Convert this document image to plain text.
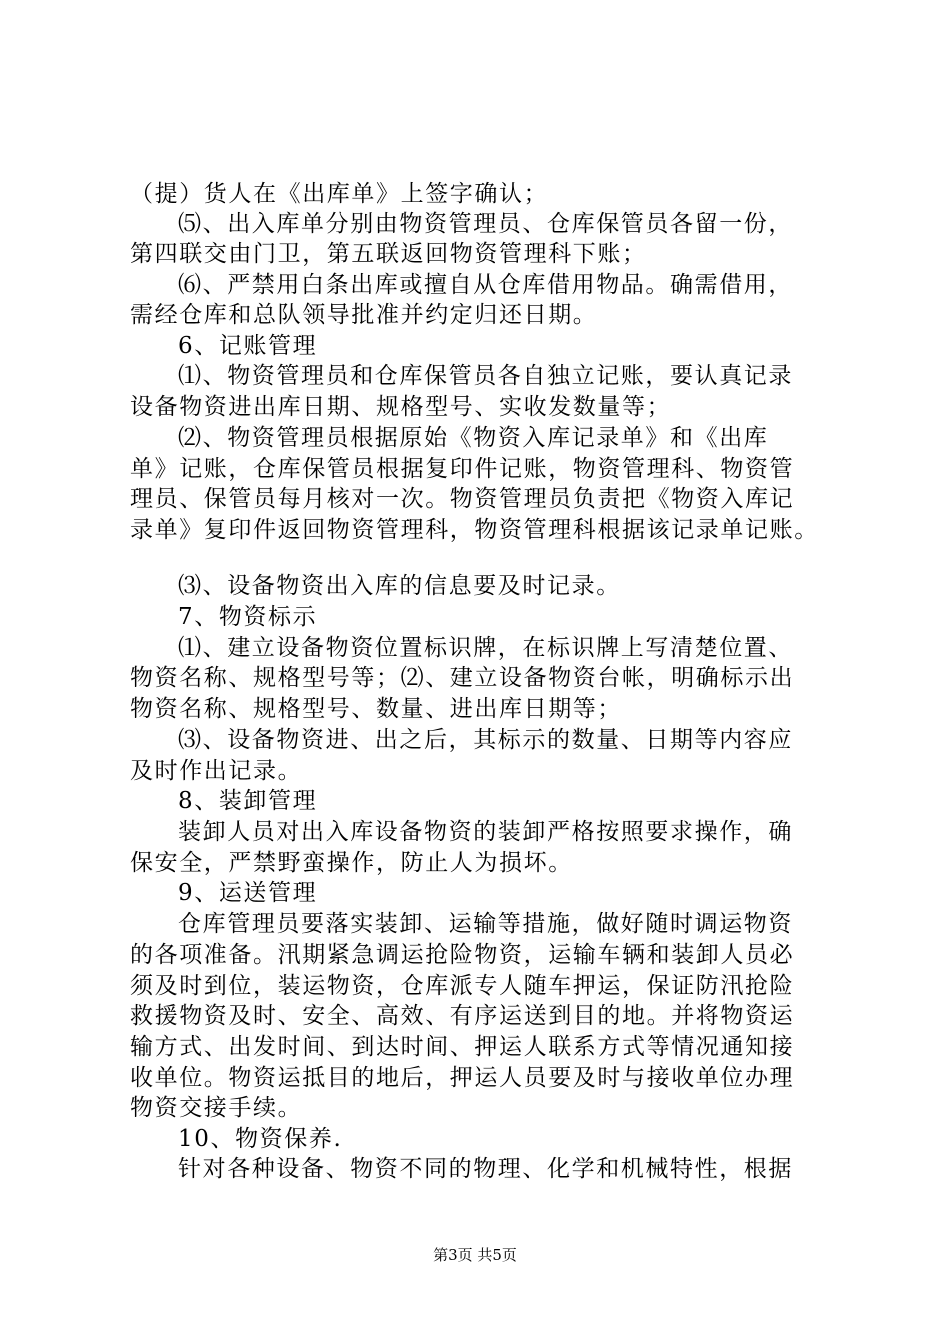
（提）货人在《出库单》上签字确认；
⑸、出入库单分别由物资管理员、仓库保管员各留一份，
第四联交由门卫，第五联返回物资管理科下账；
⑹、严禁用白条出库或擅自从仓库借用物品。确需借用，
需经仓库和总队领导批准并约定归还日期。
6、记账管理
⑴、物资管理员和仓库保管员各自独立记账，要认真记录
设备物资进出库日期、规格型号、实收发数量等；
⑵、物资管理员根据原始《物资入库记录单》和《出库
单》记账，仓库保管员根据复印件记账，物资管理科、物资管
理员、保管员每月核对一次。物资管理员负责把《物资入库记
录单》复印件返回物资管理科，物资管理科根据该记录单记账。
⑶、设备物资出入库的信息要及时记录。
7、物资标示
⑴、建立设备物资位置标识牌，在标识牌上写清楚位置、
物资名称、规格型号等；⑵、建立设备物资台帐，明确标示出
物资名称、规格型号、数量、进出库日期等；
⑶、设备物资进、出之后，其标示的数量、日期等内容应
及时作出记录。
8、装卸管理
装卸人员对出入库设备物资的装卸严格按照要求操作，确
保安全，严禁野蛮操作，防止人为损坏。
9、运送管理
仓库管理员要落实装卸、运输等措施，做好随时调运物资
的各项准备。汛期紧急调运抢险物资，运输车辆和装卸人员必
须及时到位，装运物资，仓库派专人随车押运，保证防汛抢险
救援物资及时、安全、高效、有序运送到目的地。并将物资运
输方式、出发时间、到达时间、押运人联系方式等情况通知接
收单位。物资运抵目的地后，押运人员要及时与接收单位办理
物资交接手续。
10、物资保养.
针对各种设备、物资不同的物理、化学和机械特性，根据
第3页 共5页
